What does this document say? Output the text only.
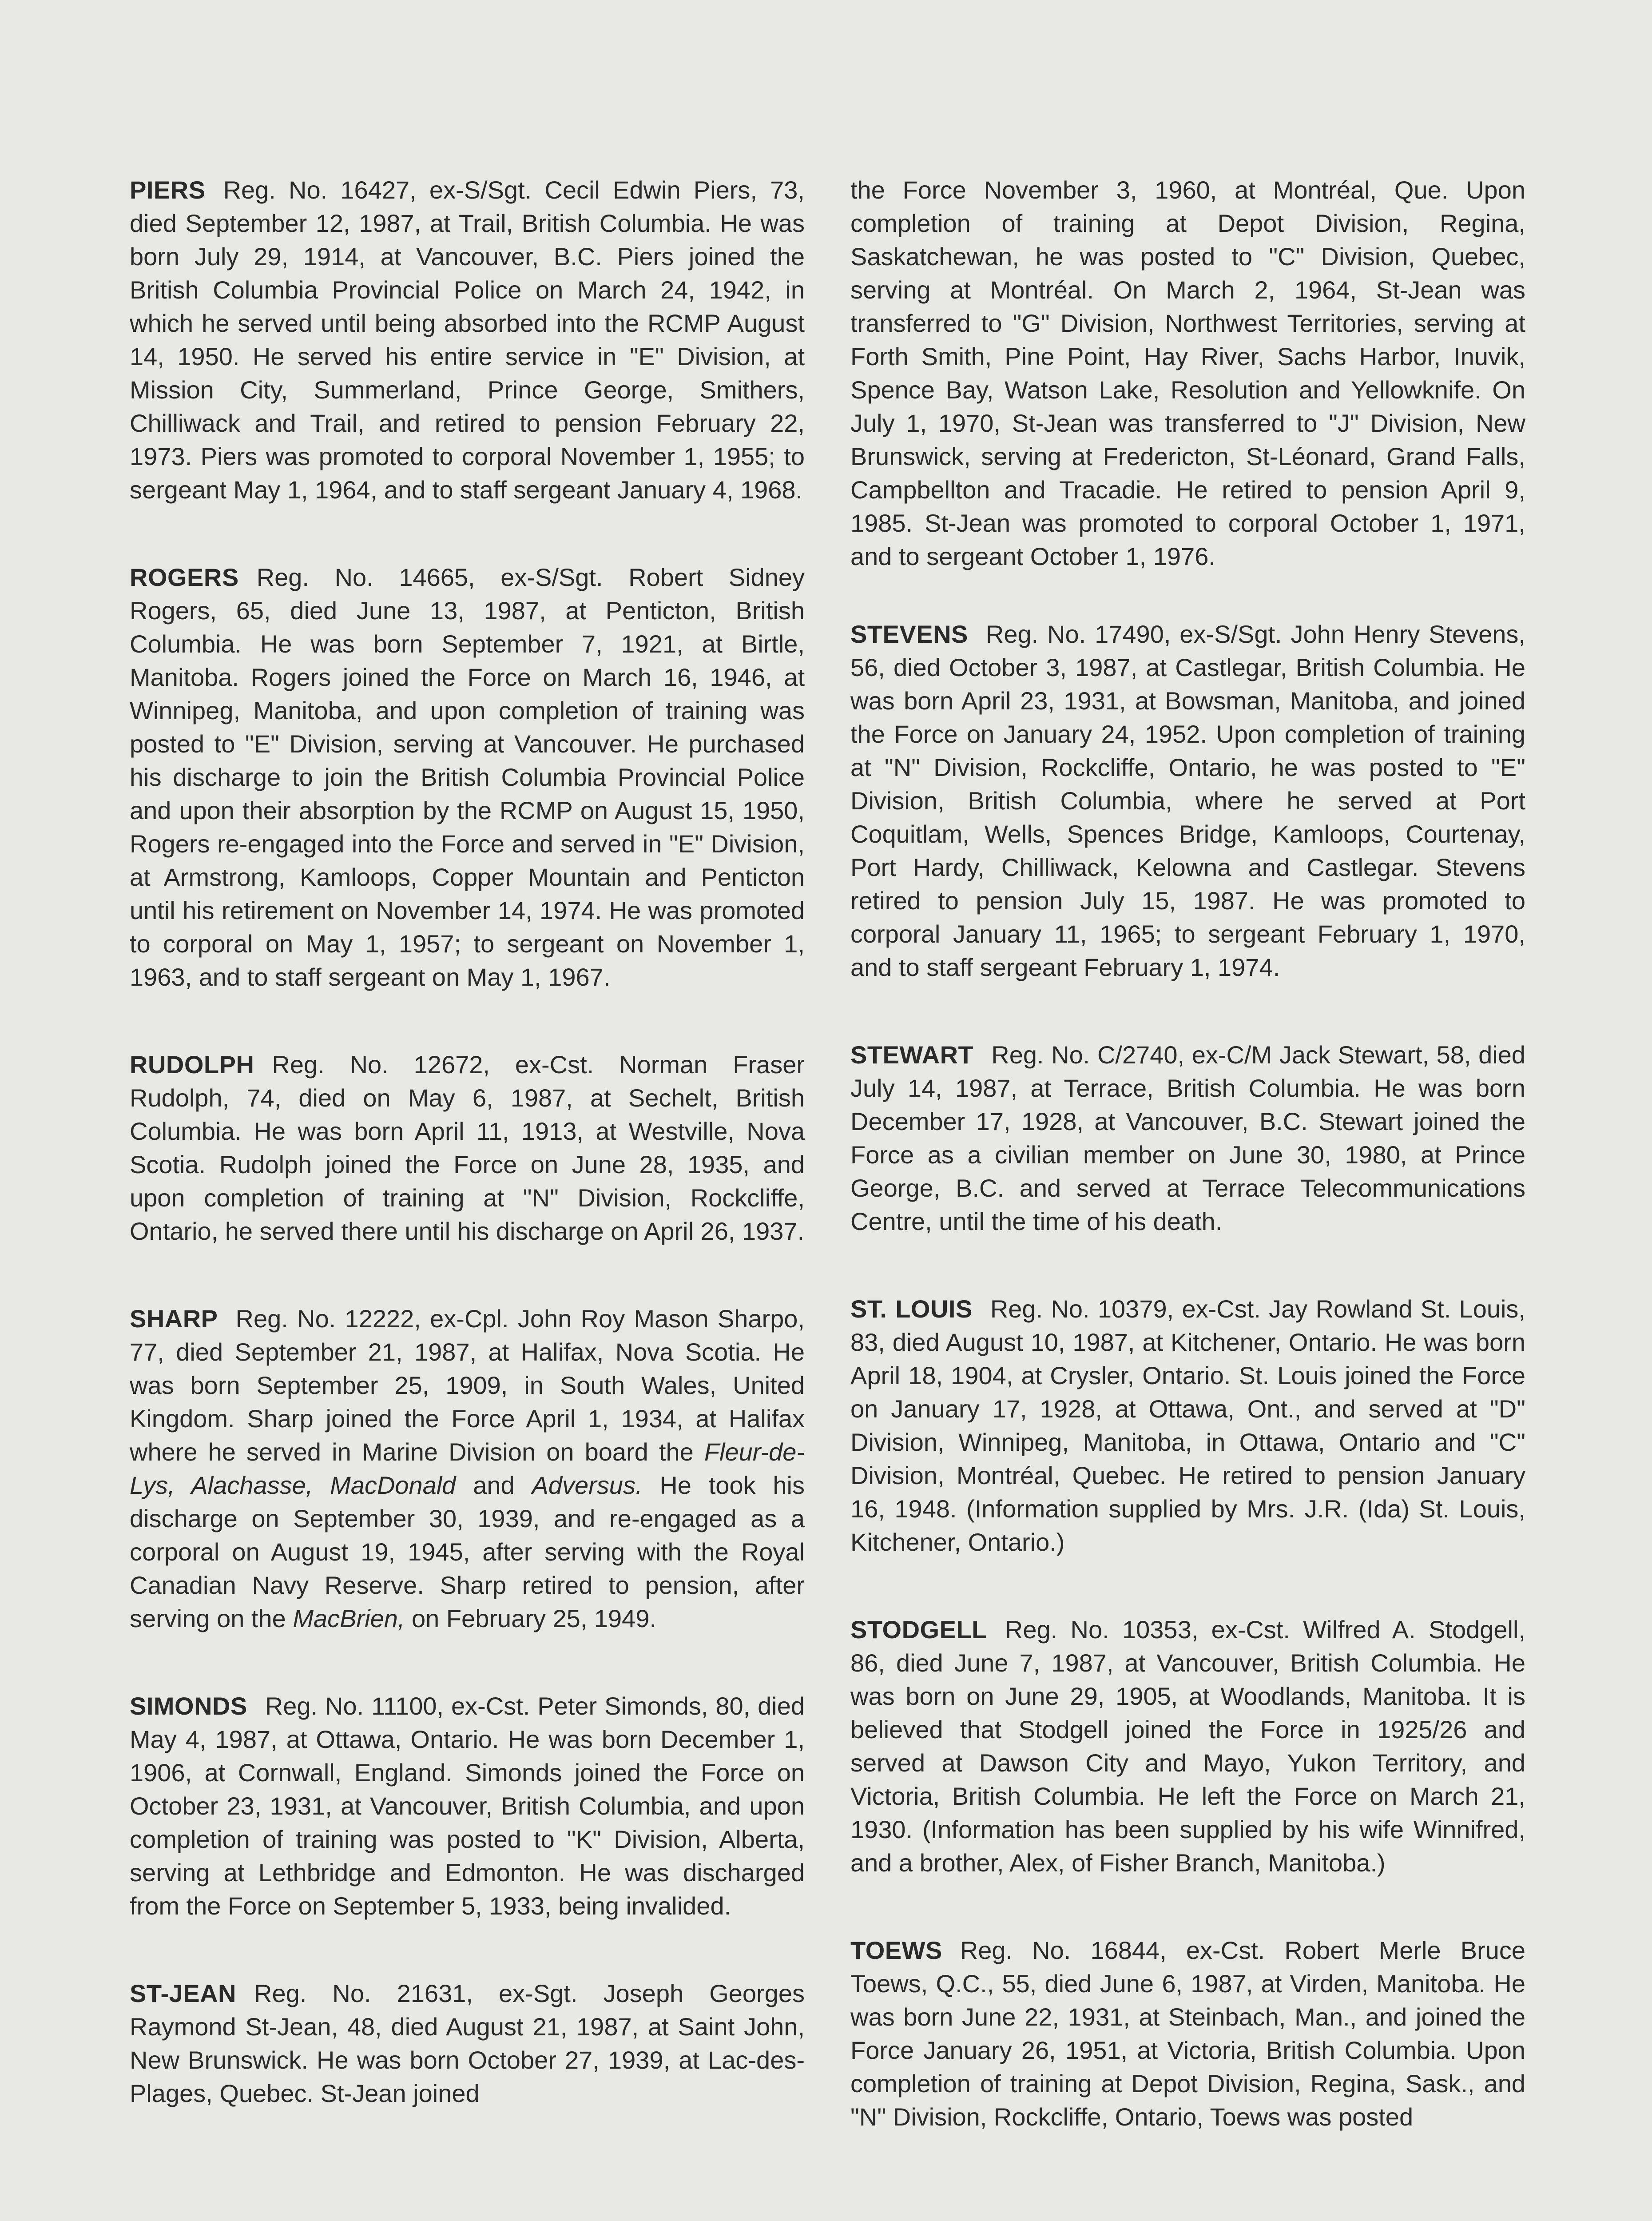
PIERS Reg. No. 16427, ex-S/Sgt. Cecil Edwin Piers, 73, died September 12, 1987, at Trail, British Columbia. He was born July 29, 1914, at Vancouver, B.C. Piers joined the British Columbia Provincial Police on March 24, 1942, in which he served until being absorbed into the RCMP August 14, 1950. He served his entire service in "E" Division, at Mission City, Summerland, Prince George, Smithers, Chilliwack and Trail, and retired to pension February 22, 1973. Piers was promoted to corporal November 1, 1955; to sergeant May 1, 1964, and to staff sergeant January 4, 1968.

ROGERS Reg. No. 14665, ex-S/Sgt. Robert Sidney Rogers, 65, died June 13, 1987, at Penticton, British Columbia. He was born September 7, 1921, at Birtle, Manitoba. Rogers joined the Force on March 16, 1946, at Winnipeg, Manitoba, and upon completion of training was posted to "E" Division, serving at Vancouver. He purchased his discharge to join the British Columbia Provincial Police and upon their absorption by the RCMP on August 15, 1950, Rogers re-engaged into the Force and served in "E" Division, at Armstrong, Kamloops, Copper Mountain and Penticton until his retirement on November 14, 1974. He was promoted to corporal on May 1, 1957; to sergeant on November 1, 1963, and to staff sergeant on May 1, 1967.

RUDOLPH Reg. No. 12672, ex-Cst. Norman Fraser Rudolph, 74, died on May 6, 1987, at Sechelt, British Columbia. He was born April 11, 1913, at Westville, Nova Scotia. Rudolph joined the Force on June 28, 1935, and upon completion of training at "N" Division, Rockcliffe, Ontario, he served there until his discharge on April 26, 1937.

SHARP Reg. No. 12222, ex-Cpl. John Roy Mason Sharpo, 77, died September 21, 1987, at Halifax, Nova Scotia. He was born September 25, 1909, in South Wales, United Kingdom. Sharp joined the Force April 1, 1934, at Halifax where he served in Marine Division on board the Fleur-de-Lys, Alachasse, MacDonald and Adversus. He took his discharge on September 30, 1939, and re-engaged as a corporal on August 19, 1945, after serving with the Royal Canadian Navy Reserve. Sharp retired to pension, after serving on the MacBrien, on February 25, 1949.

SIMONDS Reg. No. 11100, ex-Cst. Peter Simonds, 80, died May 4, 1987, at Ottawa, Ontario. He was born December 1, 1906, at Cornwall, England. Simonds joined the Force on October 23, 1931, at Vancouver, British Columbia, and upon completion of training was posted to "K" Division, Alberta, serving at Lethbridge and Edmonton. He was discharged from the Force on September 5, 1933, being invalided.

ST-JEAN Reg. No. 21631, ex-Sgt. Joseph Georges Raymond St-Jean, 48, died August 21, 1987, at Saint John, New Brunswick. He was born October 27, 1939, at Lac-des-Plages, Quebec. St-Jean joined

the Force November 3, 1960, at Montréal, Que. Upon completion of training at Depot Division, Regina, Saskatchewan, he was posted to "C" Division, Quebec, serving at Montréal. On March 2, 1964, St-Jean was transferred to "G" Division, Northwest Territories, serving at Forth Smith, Pine Point, Hay River, Sachs Harbor, Inuvik, Spence Bay, Watson Lake, Resolution and Yellowknife. On July 1, 1970, St-Jean was transferred to "J" Division, New Brunswick, serving at Fredericton, St-Léonard, Grand Falls, Campbellton and Tracadie. He retired to pension April 9, 1985. St-Jean was promoted to corporal October 1, 1971, and to sergeant October 1, 1976.

STEVENS Reg. No. 17490, ex-S/Sgt. John Henry Stevens, 56, died October 3, 1987, at Castlegar, British Columbia. He was born April 23, 1931, at Bowsman, Manitoba, and joined the Force on January 24, 1952. Upon completion of training at "N" Division, Rockcliffe, Ontario, he was posted to "E" Division, British Columbia, where he served at Port Coquitlam, Wells, Spences Bridge, Kamloops, Courtenay, Port Hardy, Chilliwack, Kelowna and Castlegar. Stevens retired to pension July 15, 1987. He was promoted to corporal January 11, 1965; to sergeant February 1, 1970, and to staff sergeant February 1, 1974.

STEWART Reg. No. C/2740, ex-C/M Jack Stewart, 58, died July 14, 1987, at Terrace, British Columbia. He was born December 17, 1928, at Vancouver, B.C. Stewart joined the Force as a civilian member on June 30, 1980, at Prince George, B.C. and served at Terrace Telecommunications Centre, until the time of his death.

ST. LOUIS Reg. No. 10379, ex-Cst. Jay Rowland St. Louis, 83, died August 10, 1987, at Kitchener, Ontario. He was born April 18, 1904, at Crysler, Ontario. St. Louis joined the Force on January 17, 1928, at Ottawa, Ont., and served at "D" Division, Winnipeg, Manitoba, in Ottawa, Ontario and "C" Division, Montréal, Quebec. He retired to pension January 16, 1948. (Information supplied by Mrs. J.R. (Ida) St. Louis, Kitchener, Ontario.)

STODGELL Reg. No. 10353, ex-Cst. Wilfred A. Stodgell, 86, died June 7, 1987, at Vancouver, British Columbia. He was born on June 29, 1905, at Woodlands, Manitoba. It is believed that Stodgell joined the Force in 1925/26 and served at Dawson City and Mayo, Yukon Territory, and Victoria, British Columbia. He left the Force on March 21, 1930. (Information has been supplied by his wife Winnifred, and a brother, Alex, of Fisher Branch, Manitoba.)

TOEWS Reg. No. 16844, ex-Cst. Robert Merle Bruce Toews, Q.C., 55, died June 6, 1987, at Virden, Manitoba. He was born June 22, 1931, at Steinbach, Man., and joined the Force January 26, 1951, at Victoria, British Columbia. Upon completion of training at Depot Division, Regina, Sask., and "N" Division, Rockcliffe, Ontario, Toews was posted
